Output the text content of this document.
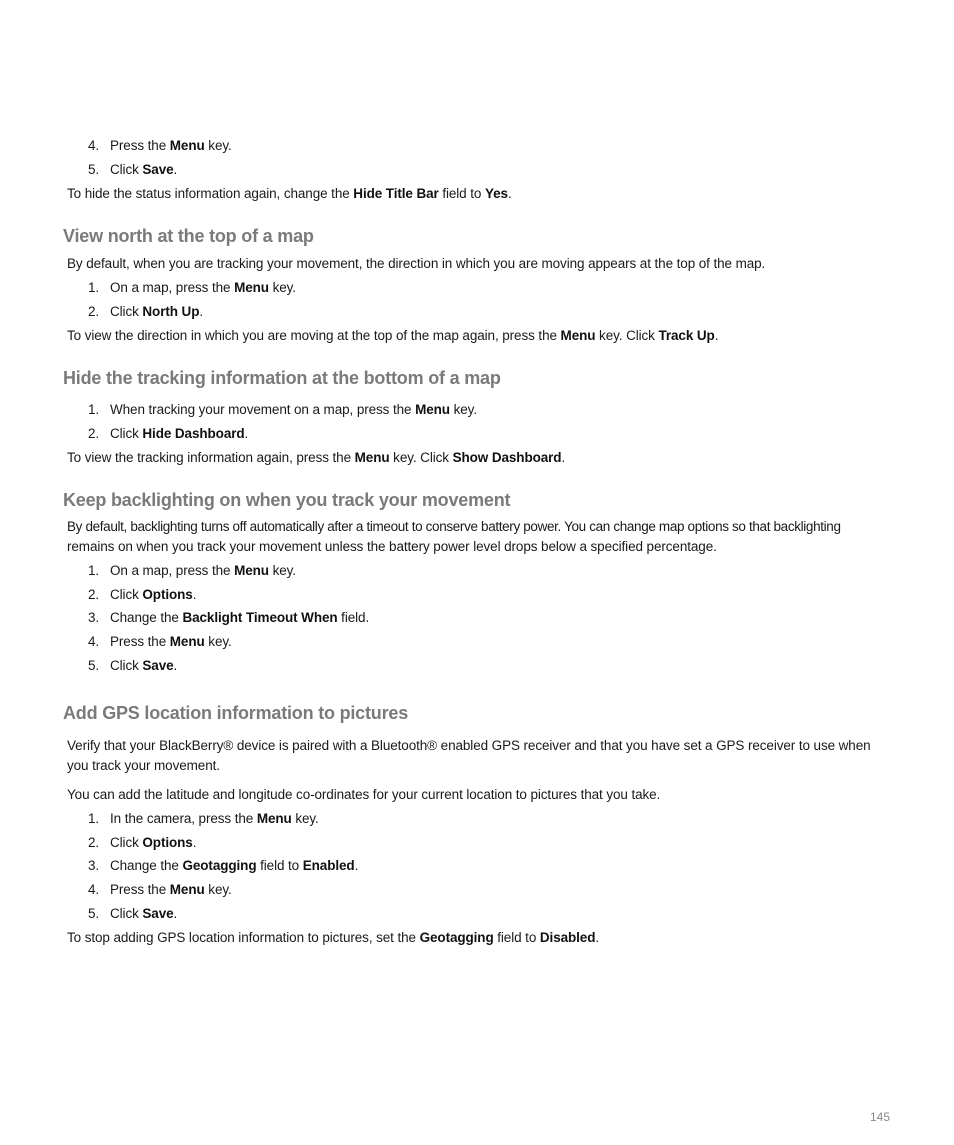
4. Press the Menu key.
5. Click Save.
To hide the status information again, change the Hide Title Bar field to Yes.
View north at the top of a map
By default, when you are tracking your movement, the direction in which you are moving appears at the top of the map.
1. On a map, press the Menu key.
2. Click North Up.
To view the direction in which you are moving at the top of the map again, press the Menu key. Click Track Up.
Hide the tracking information at the bottom of a map
1. When tracking your movement on a map, press the Menu key.
2. Click Hide Dashboard.
To view the tracking information again, press the Menu key. Click Show Dashboard.
Keep backlighting on when you track your movement
By default, backlighting turns off automatically after a timeout to conserve battery power. You can change map options so that backlighting
remains on when you track your movement unless the battery power level drops below a specified percentage.
1. On a map, press the Menu key.
2. Click Options.
3. Change the Backlight Timeout When field.
4. Press the Menu key.
5. Click Save.
Add GPS location information to pictures
Verify that your BlackBerry® device is paired with a Bluetooth® enabled GPS receiver and that you have set a GPS receiver to use when
you track your movement.
You can add the latitude and longitude co-ordinates for your current location to pictures that you take.
1. In the camera, press the Menu key.
2. Click Options.
3. Change the Geotagging field to Enabled.
4. Press the Menu key.
5. Click Save.
To stop adding GPS location information to pictures, set the Geotagging field to Disabled.
145
